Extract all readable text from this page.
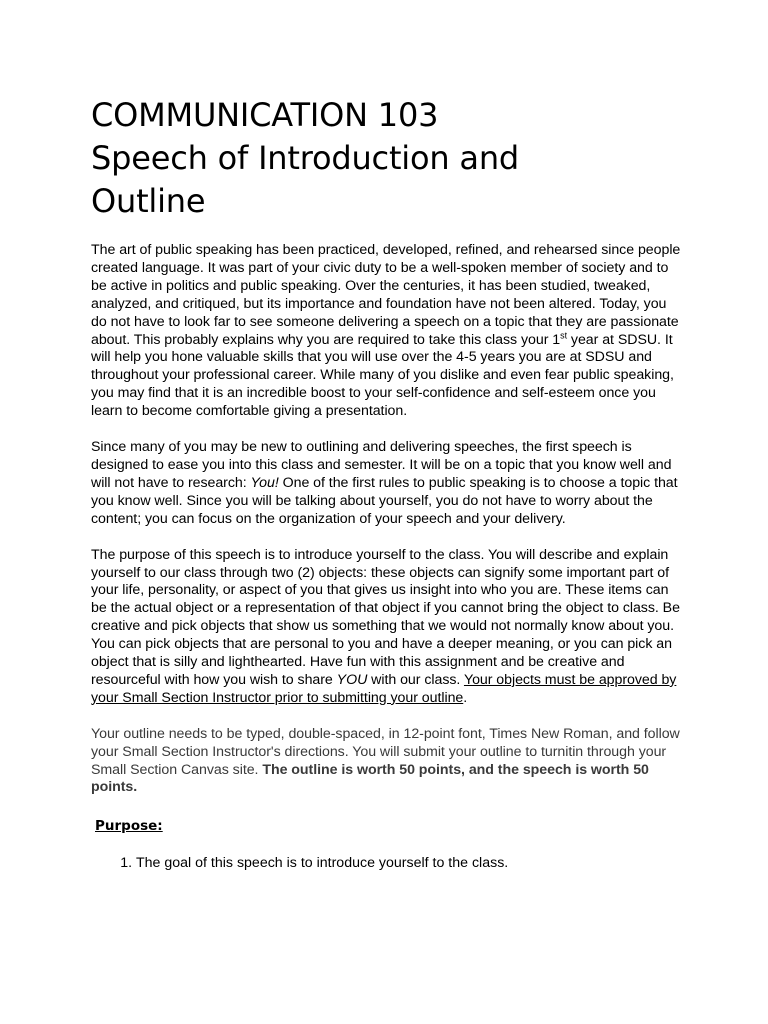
COMMUNICATION 103
Speech of Introduction and
Outline

The art of public speaking has been practiced, developed, refined, and rehearsed since people created language. It was part of your civic duty to be a well-spoken member of society and to be active in politics and public speaking. Over the centuries, it has been studied, tweaked, analyzed, and critiqued, but its importance and foundation have not been altered. Today, you do not have to look far to see someone delivering a speech on a topic that they are passionate about. This probably explains why you are required to take this class your 1st year at SDSU. It will help you hone valuable skills that you will use over the 4-5 years you are at SDSU and throughout your professional career. While many of you dislike and even fear public speaking, you may find that it is an incredible boost to your self-confidence and self-esteem once you learn to become comfortable giving a presentation.

Since many of you may be new to outlining and delivering speeches, the first speech is designed to ease you into this class and semester. It will be on a topic that you know well and will not have to research: You! One of the first rules to public speaking is to choose a topic that you know well. Since you will be talking about yourself, you do not have to worry about the content; you can focus on the organization of your speech and your delivery.

The purpose of this speech is to introduce yourself to the class. You will describe and explain yourself to our class through two (2) objects: these objects can signify some important part of your life, personality, or aspect of you that gives us insight into who you are. These items can be the actual object or a representation of that object if you cannot bring the object to class. Be creative and pick objects that show us something that we would not normally know about you. You can pick objects that are personal to you and have a deeper meaning, or you can pick an object that is silly and lighthearted. Have fun with this assignment and be creative and resourceful with how you wish to share YOU with our class. Your objects must be approved by your Small Section Instructor prior to submitting your outline.

Your outline needs to be typed, double-spaced, in 12-point font, Times New Roman, and follow your Small Section Instructor's directions. You will submit your outline to turnitin through your Small Section Canvas site. The outline is worth 50 points, and the speech is worth 50 points.

Purpose:
1. The goal of this speech is to introduce yourself to the class.
